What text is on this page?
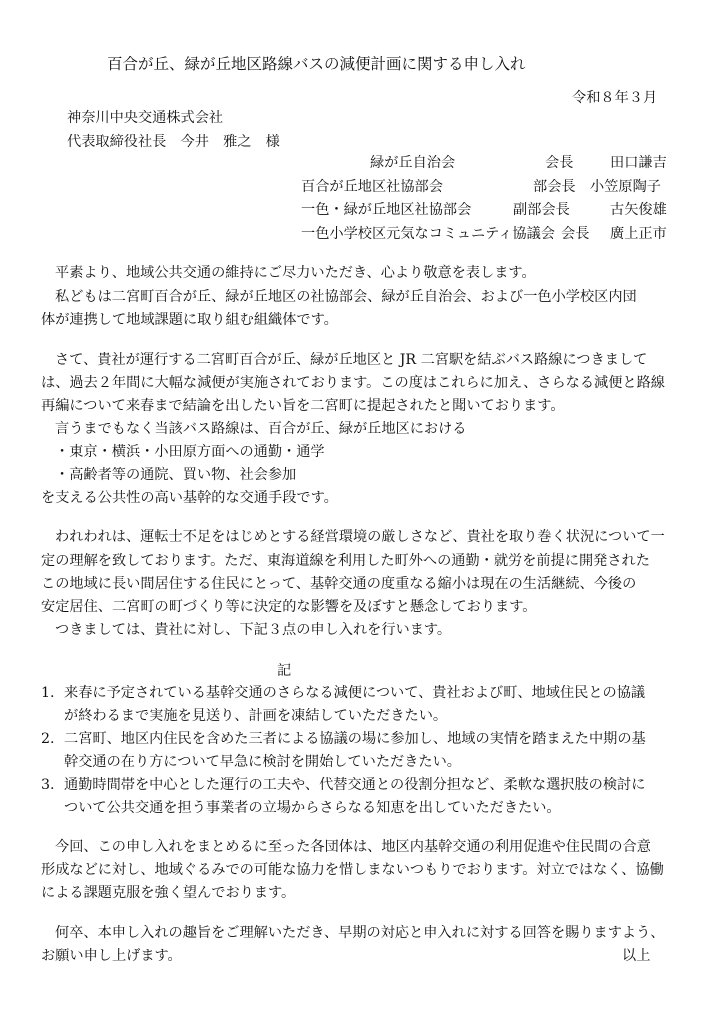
百合が丘、緑が丘地区路線バスの減便計画に関する申し入れ
令和８年３月
神奈川中央交通株式会社
代表取締役社長　今井　雅之　様
緑が丘自治会	会長	田口謙吉
百合が丘地区社協部会	部会長 小笠原陶子
一色・緑が丘地区社協部会	副部会長	古矢俊雄
一色小学校区元気なコミュニティ協議会 会長 廣上正市
平素より、地域公共交通の維持にご尽力いただき、心より敬意を表します。
私どもは二宮町百合が丘、緑が丘地区の社協部会、緑が丘自治会、および一色小学校区内団
体が連携して地域課題に取り組む組織体です。
さて、貴社が運行する二宮町百合が丘、緑が丘地区と JR 二宮駅を結ぶバス路線につきまして
は、過去２年間に大幅な減便が実施されております。この度はこれらに加え、さらなる減便と路線
再編について来春まで結論を出したい旨を二宮町に提起されたと聞いております。
言うまでもなく当該バス路線は、百合が丘、緑が丘地区における
・東京・横浜・小田原方面への通勤・通学
・高齢者等の通院、買い物、社会参加
を支える公共性の高い基幹的な交通手段です。
われわれは、運転士不足をはじめとする経営環境の厳しさなど、貴社を取り巻く状況について一
定の理解を致しております。ただ、東海道線を利用した町外への通勤・就労を前提に開発された
この地域に長い間居住する住民にとって、基幹交通の度重なる縮小は現在の生活継続、今後の
安定居住、二宮町の町づくり等に決定的な影響を及ぼすと懸念しております。
つきましては、貴社に対し、下記３点の申し入れを行います。
記
1. 来春に予定されている基幹交通のさらなる減便について、貴社および町、地域住民との協議
が終わるまで実施を見送り、計画を凍結していただきたい。
2. 二宮町、地区内住民を含めた三者による協議の場に参加し、地域の実情を踏まえた中期の基
幹交通の在り方について早急に検討を開始していただきたい。
3. 通勤時間帯を中心とした運行の工夫や、代替交通との役割分担など、柔軟な選択肢の検討に
ついて公共交通を担う事業者の立場からさらなる知恵を出していただきたい。
今回、この申し入れをまとめるに至った各団体は、地区内基幹交通の利用促進や住民間の合意
形成などに対し、地域ぐるみでの可能な協力を惜しまないつもりでおります。対立ではなく、協働
による課題克服を強く望んでおります。
何卒、本申し入れの趣旨をご理解いただき、早期の対応と申入れに対する回答を賜りますよう、
お願い申し上げます。	以上
